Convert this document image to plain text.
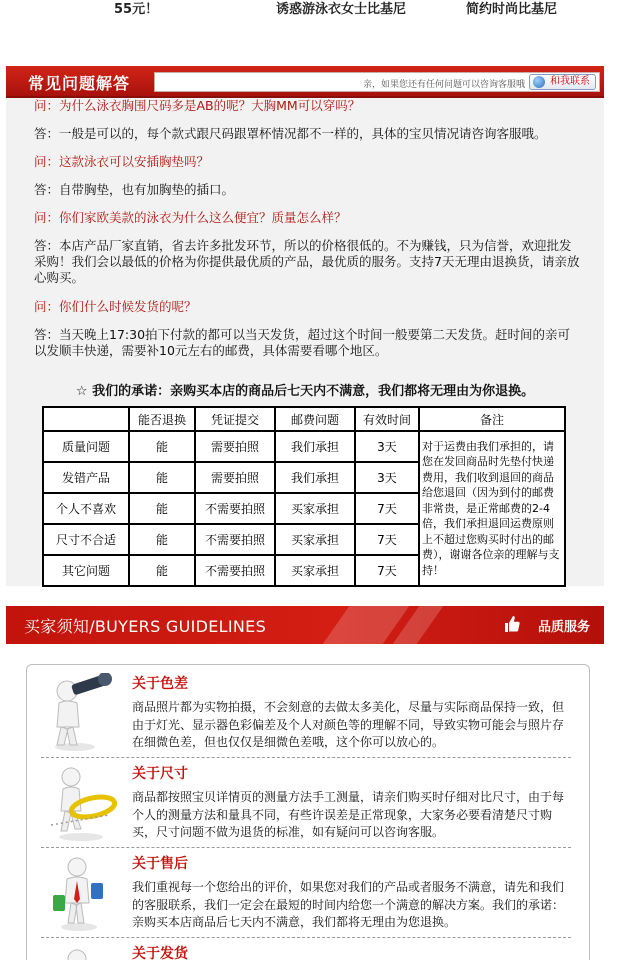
55元！	诱惑游泳衣女士比基尼	简约时尚比基尼
常见问题解答	亲，如果您还有任何问题可以咨询客服哦	和我联系

问：为什么泳衣胸围尺码多是AB的呢？大胸MM可以穿吗？

答：一般是可以的，每个款式跟尺码跟罩杯情况都不一样的，具体的宝贝情况请咨询客服哦。

问：这款泳衣可以安插胸垫吗？

答：自带胸垫，也有加胸垫的插口。

问：你们家欧美款的泳衣为什么这么便宜？质量怎么样？

答：本店产品厂家直销，省去许多批发环节，所以的价格很低的。不为赚钱，只为信誉，欢迎批发采购！我们会以最低的价格为你提供最优质的产品，最优质的服务。支持7天无理由退换货，请亲放心购买。

问：你们什么时候发货的呢？

答：当天晚上17:30拍下付款的都可以当天发货，超过这个时间一般要第二天发货。赶时间的亲可以发顺丰快递，需要补10元左右的邮费，具体需要看哪个地区。

☆ 我们的承诺：亲购买本店的商品后七天内不满意，我们都将无理由为你退换。

	能否退换	凭证提交	邮费问题	有效时间	备注
质量问题	能	需要拍照	我们承担	3天	对于运费由我们承担的，请您在发回商品时先垫付快递费用，我们收到退回的商品给您退回（因为到付的邮费非常贵，是正常邮费的2-4倍，我们承担退回运费原则上不超过您购买时付出的邮费），谢谢各位亲的理解与支持！
发错产品	能	需要拍照	我们承担	3天	
个人不喜欢	能	不需要拍照	买家承担	7天	
尺寸不合适	能	不需要拍照	买家承担	7天	
其它问题	能	不需要拍照	买家承担	7天	
买家须知/BUYERS GUIDELINES	品质服务
关于色差

商品照片都为实物拍摄，不会刻意的去做太多美化，尽量与实际商品保持一致，但由于灯光、显示器色彩偏差及个人对颜色等的理解不同，导致实物可能会与照片存在细微色差，但也仅仅是细微色差哦，这个你可以放心的。

关于尺寸

商品都按照宝贝详情页的测量方法手工测量，请亲们购买时仔细对比尺寸，由于每个人的测量方法和量具不同，有些许误差是正常现象，大家务必要看清楚尺寸购买，尺寸问题不做为退货的标准，如有疑问可以咨询客服。

关于售后

我们重视每一个您给出的评价，如果您对我们的产品或者服务不满意，请先和我们的客服联系，我们一定会在最短的时间内给您一个满意的解决方案。我们的承诺：亲购买本店商品后七天内不满意，我们都将无理由为您退换。

关于发货
